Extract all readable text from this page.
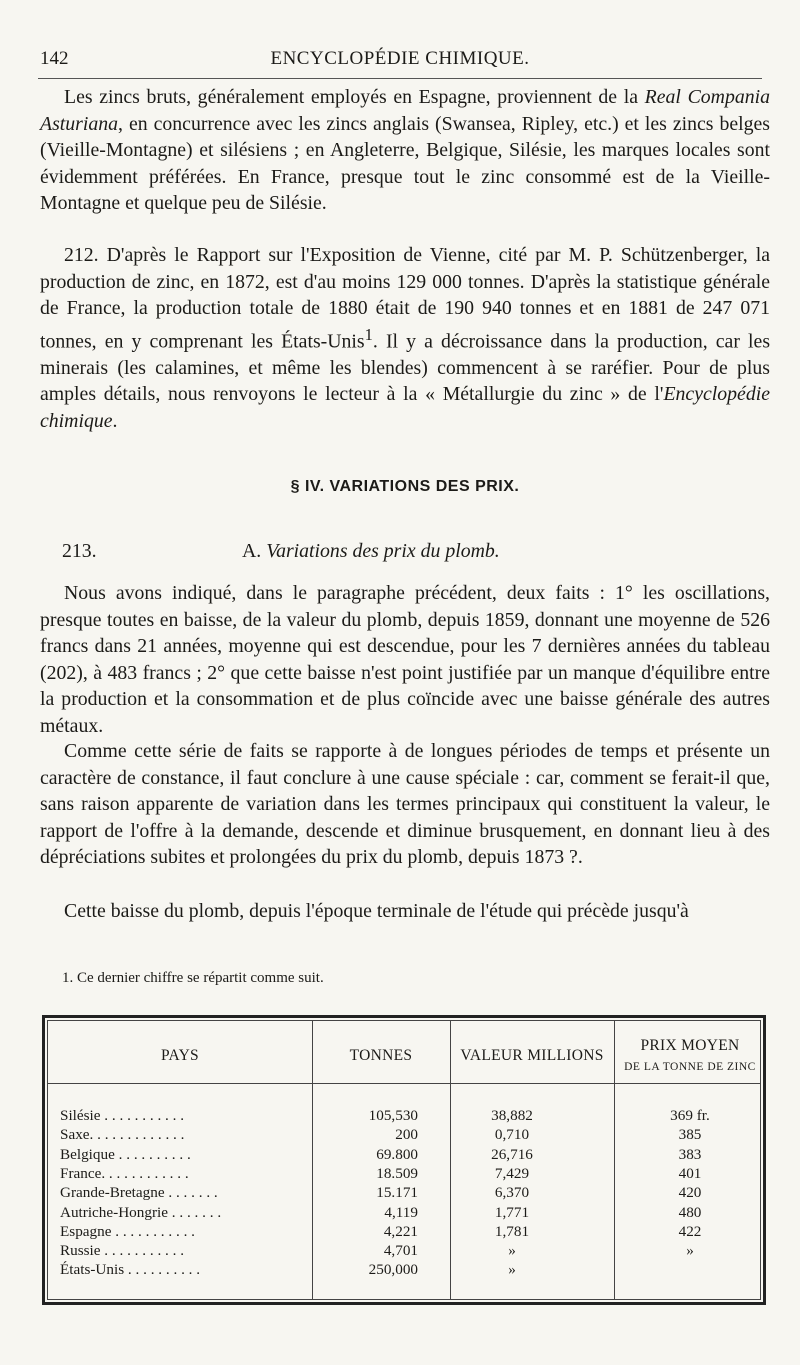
142	ENCYCLOPÉDIE CHIMIQUE.

Les zincs bruts, généralement employés en Espagne, proviennent de la Real Compania Asturiana, en concurrence avec les zincs anglais (Swansea, Ripley, etc.) et les zincs belges (Vieille-Montagne) et silésiens ; en Angleterre, Belgique, Silésie, les marques locales sont évidemment préférées. En France, presque tout le zinc consommé est de la Vieille-Montagne et quelque peu de Silésie.

212. D'après le Rapport sur l'Exposition de Vienne, cité par M. P. Schützenberger, la production de zinc, en 1872, est d'au moins 129 000 tonnes. D'après la statistique générale de France, la production totale de 1880 était de 190 940 tonnes et en 1881 de 247 071 tonnes, en y comprenant les États-Unis$^1$. Il y a décroissance dans la production, car les minerais (les calamines, et même les blendes) commencent à se raréfier. Pour de plus amples détails, nous renvoyons le lecteur à la « Métallurgie du zinc » de l'Encyclopédie chimique.

§ IV. VARIATIONS DES PRIX.
213.	A. Variations des prix du plomb.

Nous avons indiqué, dans le paragraphe précédent, deux faits : 1° les oscillations, presque toutes en baisse, de la valeur du plomb, depuis 1859, donnant une moyenne de 526 francs dans 21 années, moyenne qui est descendue, pour les 7 dernières années du tableau (202), à 483 francs ; 2° que cette baisse n'est point justifiée par un manque d'équilibre entre la production et la consommation et de plus coïncide avec une baisse générale des autres métaux.

Comme cette série de faits se rapporte à de longues périodes de temps et présente un caractère de constance, il faut conclure à une cause spéciale : car, comment se ferait-il que, sans raison apparente de variation dans les termes principaux qui constituent la valeur, le rapport de l'offre à la demande, descende et diminue brusquement, en donnant lieu à des dépréciations subites et prolongées du prix du plomb, depuis 1873 ?.

Cette baisse du plomb, depuis l'époque terminale de l'étude qui précède jusqu'à

1. Ce dernier chiffre se répartit comme suit.
PAYS	TONNES	VALEUR MILLIONS
PRIX MOYEN
DE LA TONNE DE ZINC
Silésie . . . . . . . . . . .	105,530	38,882	369 fr.
Saxe. . . . . . . . . . . . .	200	0,710	385
Belgique . . . . . . . . . .	69.800	26,716	383
France. . . . . . . . . . . .	18.509	7,429	401
Grande-Bretagne . . . . . . .	15.171	6,370	420
Autriche-Hongrie . . . . . . .	4,119	1,771	480
Espagne . . . . . . . . . . .	4,221	1,781	422
Russie . . . . . . . . . . .	4,701	»	»
États-Unis . . . . . . . . . .	250,000	»
